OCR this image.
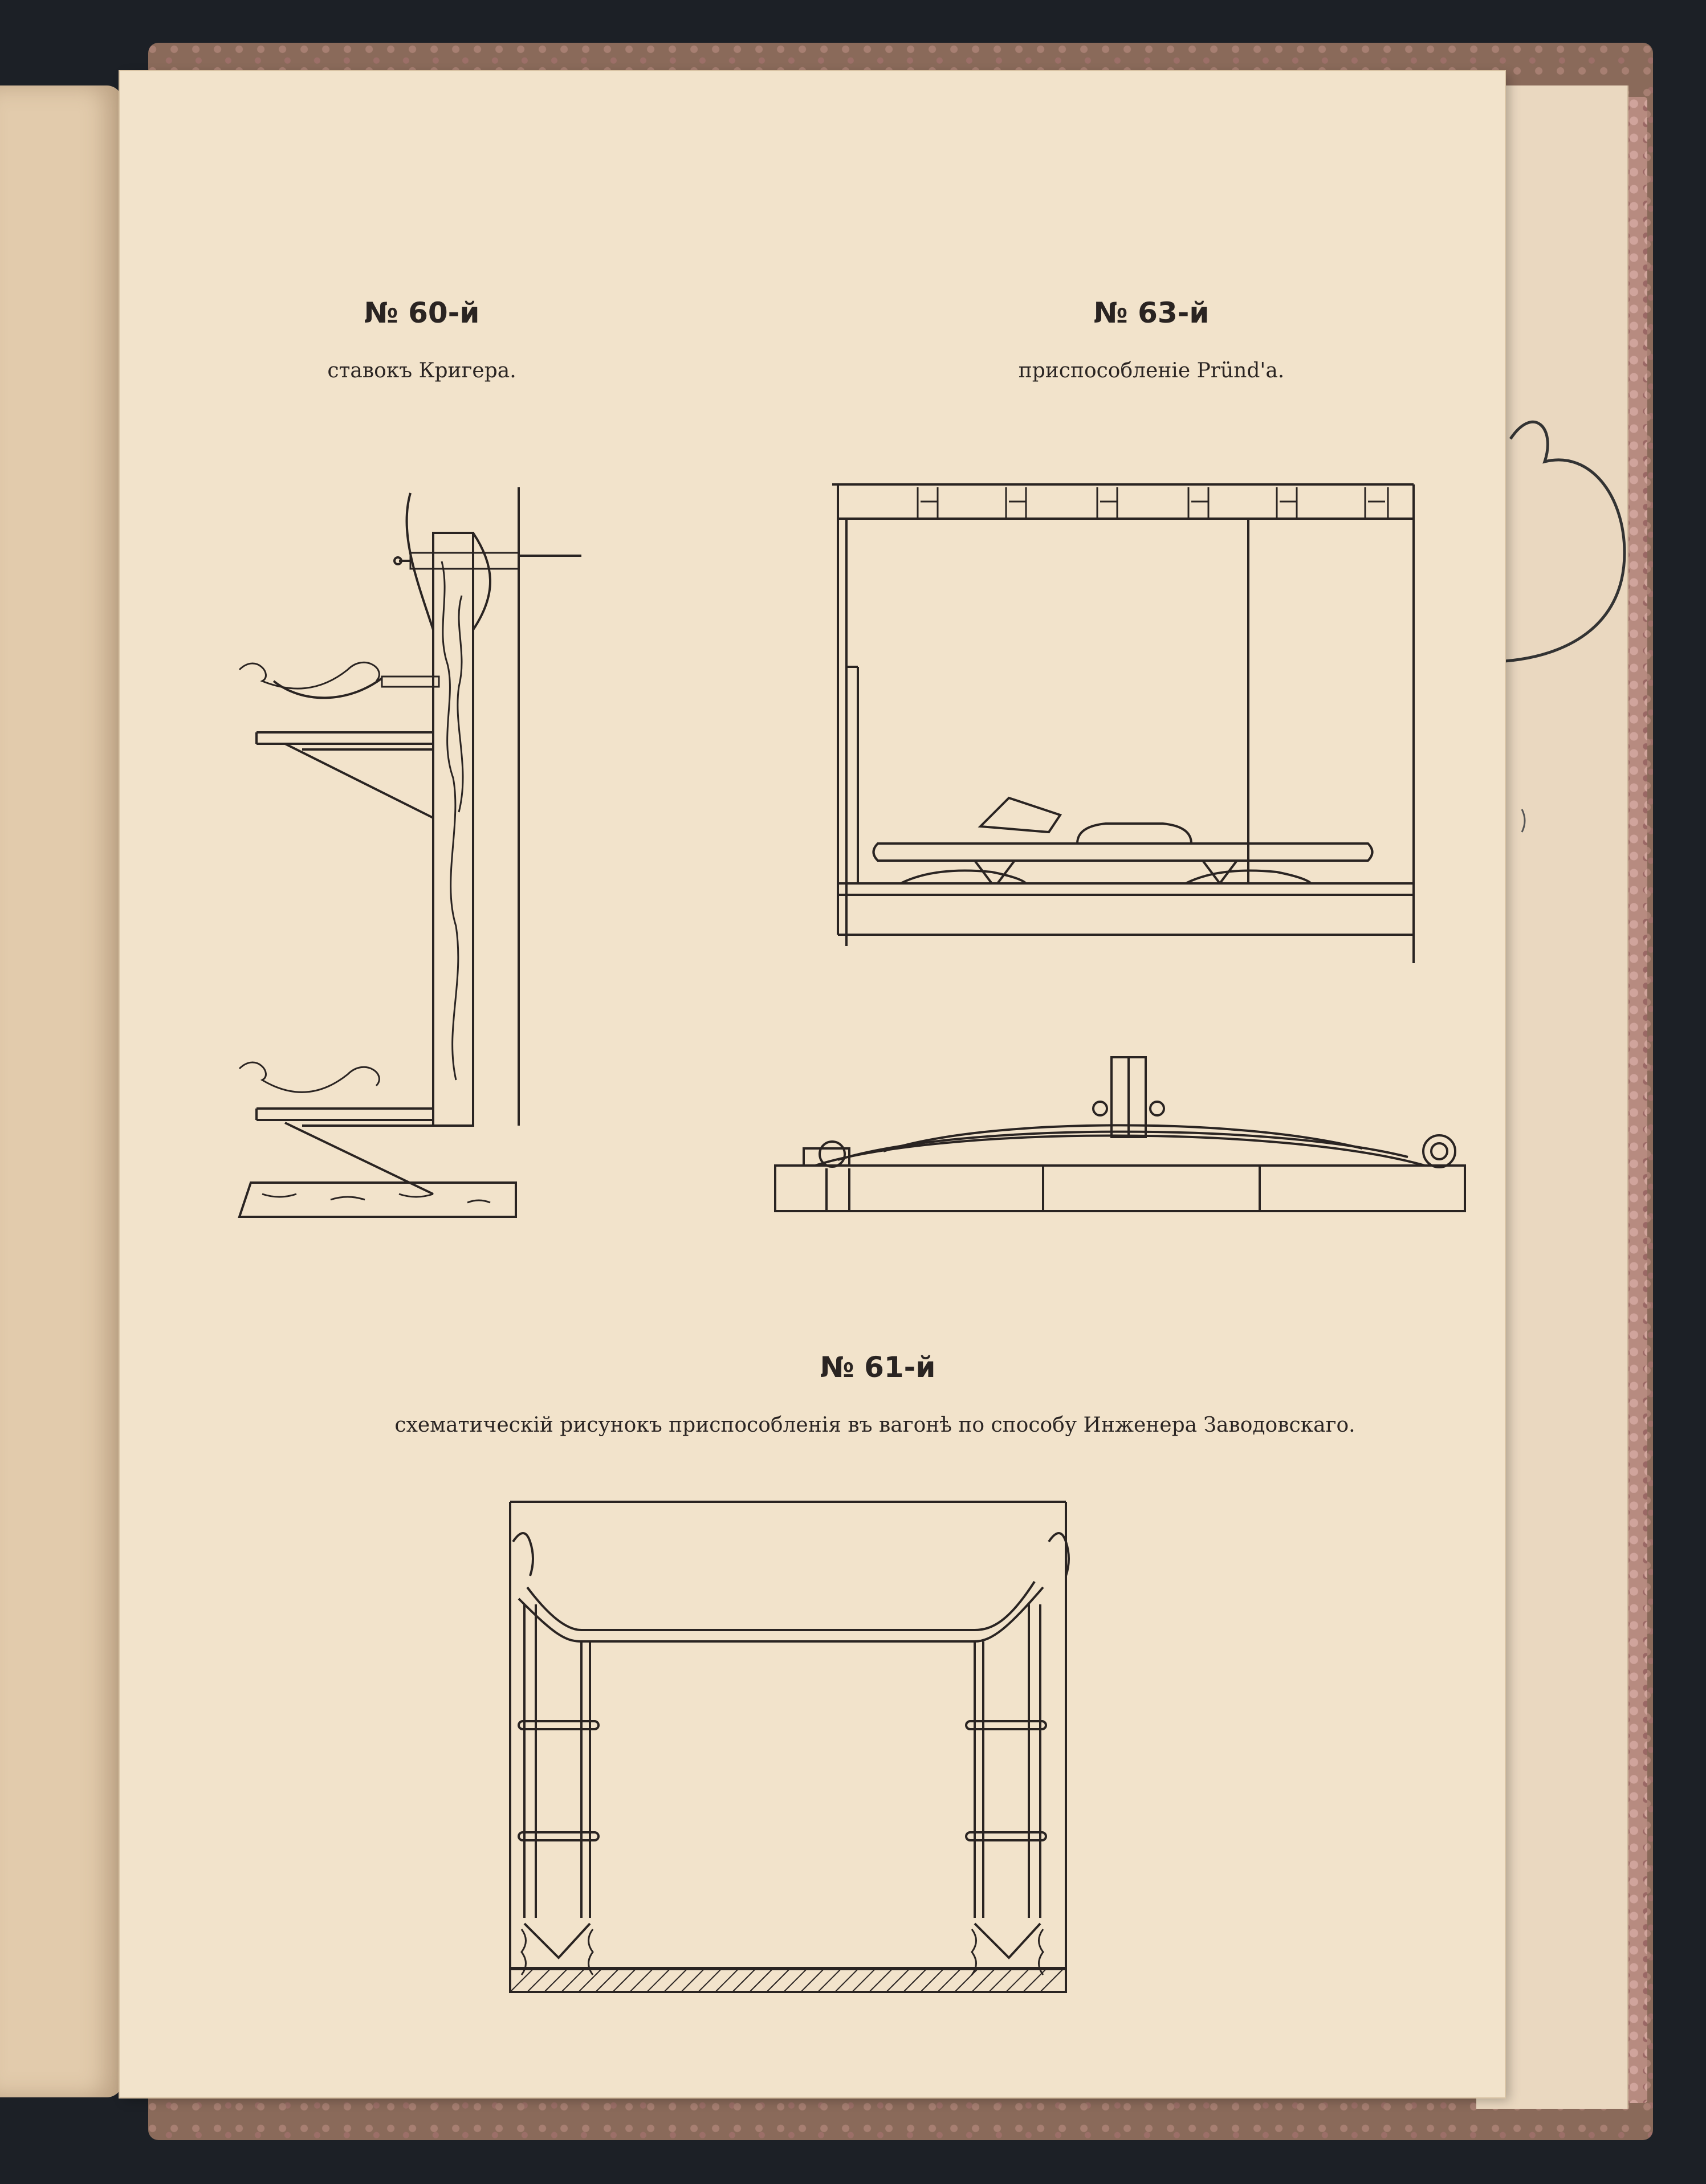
№ 60-й
ставокъ Кригера.
№ 63-й
приспособленіе Pründ'a.
№ 61-й
схематическій рисунокъ приспособленія въ вагонѣ по способу Инженера Заводовскаго.
